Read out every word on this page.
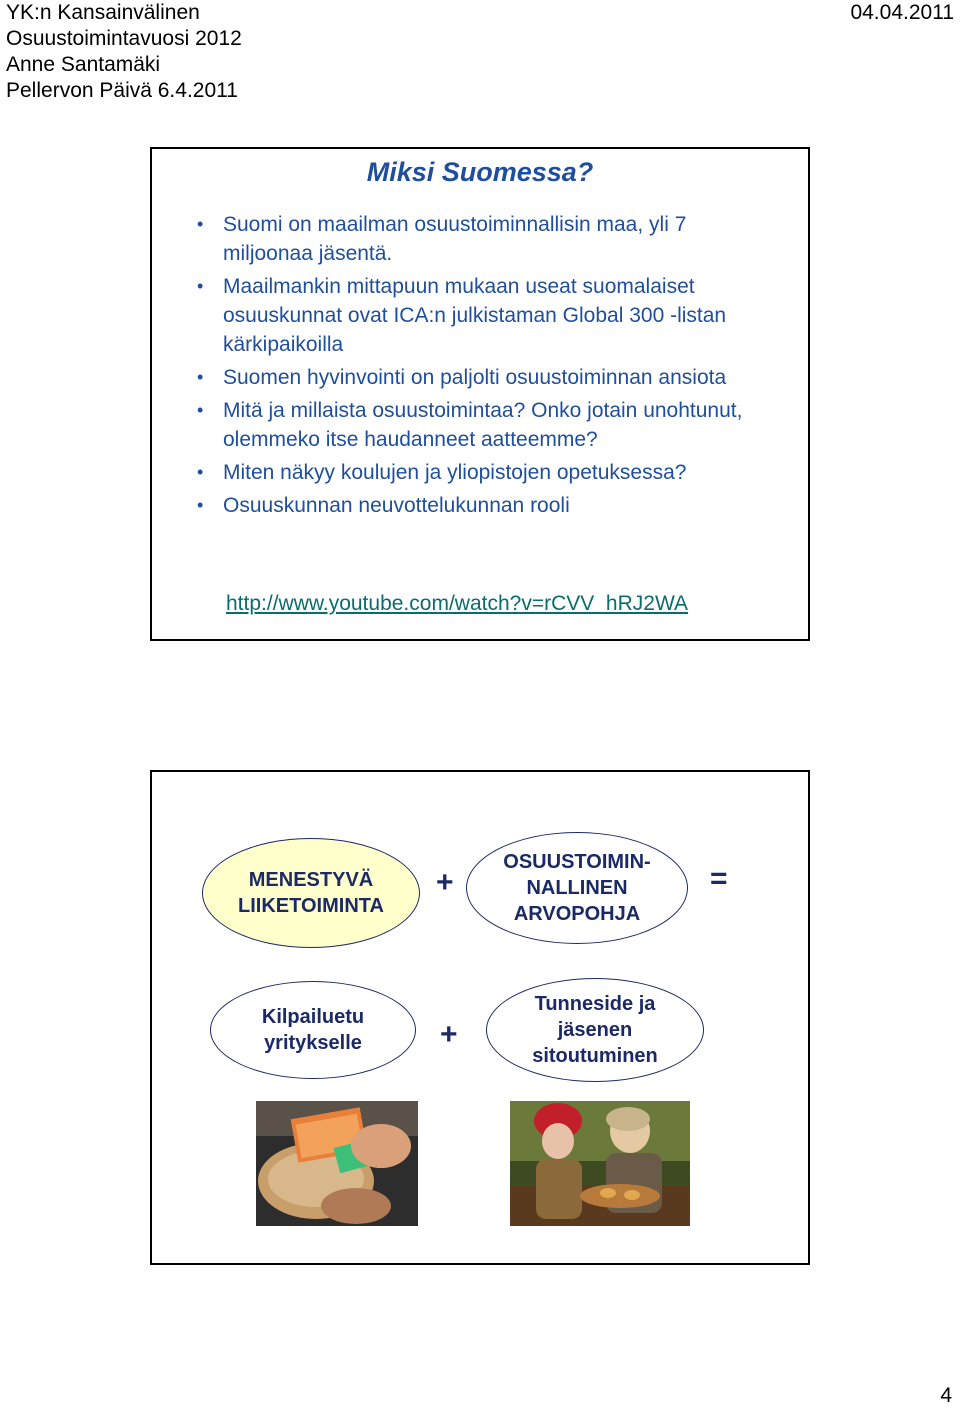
YK:n Kansainvälinen
Osuustoimintavuosi 2012
Anne Santamäki
Pellervon Päivä 6.4.2011
04.04.2011
Miksi Suomessa?
• Suomi on maailman osuustoiminnallisin maa, yli 7 miljoonaa jäsentä.
• Maailmankin mittapuun mukaan useat suomalaiset osuuskunnat ovat ICA:n julkistaman Global 300 -listan kärkipaikoilla
• Suomen hyvinvointi on paljolti osuustoiminnan ansiota
• Mitä ja millaista osuustoimintaa? Onko jotain unohtunut, olemmeko itse haudanneet aatteemme?
• Miten näkyy koulujen ja yliopistojen opetuksessa?
• Osuuskunnan neuvottelukunnan rooli
http://www.youtube.com/watch?v=rCVV_hRJ2WA
MENESTYVÄ LIIKETOIMINTA
+
OSUUSTOIMIN-NALLINEN ARVOPOHJA
=
Kilpailuetu yritykselle	+
Tunneside ja jäsenen sitoutuminen
4
